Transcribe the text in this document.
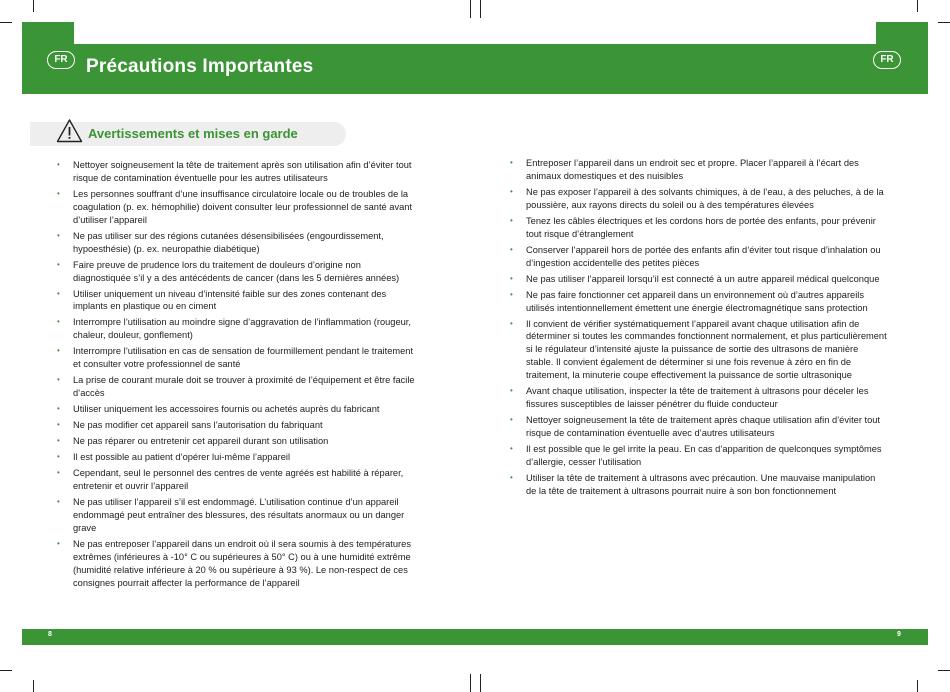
FR	FR
Précautions Importantes
Avertissements et mises en garde
• Nettoyer soigneusement la tête de traitement après son utilisation afin d’éviter tout risque de contamination éventuelle pour les autres utilisateurs
• Les personnes souffrant d’une insuffisance circulatoire locale ou de troubles de la coagulation (p. ex. hémophilie) doivent consulter leur professionnel de santé avant d’utiliser l’appareil
• Ne pas utiliser sur des régions cutanées désensibilisées (engourdissement, hypoesthésie) (p. ex. neuropathie diabétique)
• Faire preuve de prudence lors du traitement de douleurs d’origine non diagnostiquée s’il y a des antécédents de cancer (dans les 5 dernières années)
• Utiliser uniquement un niveau d’intensité faible sur des zones contenant des implants en plastique ou en ciment
• Interrompre l’utilisation au moindre signe d’aggravation de l’inflammation (rougeur, chaleur, douleur, gonflement)
• Interrompre l’utilisation en cas de sensation de fourmillement pendant le traitement et consulter votre professionnel de santé
• La prise de courant murale doit se trouver à proximité de l’équipement et être facile d’accès
• Utiliser uniquement les accessoires fournis ou achetés auprès du fabricant
• Ne pas modifier cet appareil sans l’autorisation du fabriquant
• Ne pas réparer ou entretenir cet appareil durant son utilisation
• Il est possible au patient d’opérer lui-même l’appareil
• Cependant, seul le personnel des centres de vente agréés est habilité à réparer, entretenir et ouvrir l’appareil
• Ne pas utiliser l’appareil s’il est endommagé. L’utilisation continue d’un appareil endommagé peut entraîner des blessures, des résultats anormaux ou un danger grave
• Ne pas entreposer l’appareil dans un endroit où il sera soumis à des températures extrêmes (inférieures à -10° C ou supérieures à 50° C) ou à une humidité extrême (humidité relative inférieure à 20 % ou supérieure à 93 %). Le non-respect de ces consignes pourrait affecter la performance de l’appareil
• Entreposer l’appareil dans un endroit sec et propre. Placer l’appareil à l’écart des animaux domestiques et des nuisibles
• Ne pas exposer l’appareil à des solvants chimiques, à de l’eau, à des peluches, à de la poussière, aux rayons directs du soleil ou à des températures élevées
• Tenez les câbles électriques et les cordons hors de portée des enfants, pour prévenir tout risque d’étranglement
• Conserver l’appareil hors de portée des enfants afin d’éviter tout risque d’inhalation ou d’ingestion accidentelle des petites pièces
• Ne pas utiliser l’appareil lorsqu’il est connecté à un autre appareil médical quelconque
• Ne pas faire fonctionner cet appareil dans un environnement où d’autres appareils utilisés intentionnellement émettent une énergie électromagnétique sans protection
• Il convient de vérifier systématiquement l’appareil avant chaque utilisation afin de déterminer si toutes les commandes fonctionnent normalement, et plus particulièrement si le régulateur d’intensité ajuste la puissance de sortie des ultrasons de manière stable. Il convient également de déterminer si une fois revenue à zéro en fin de traitement, la minuterie coupe effectivement la puissance de sortie ultrasonique
• Avant chaque utilisation, inspecter la tête de traitement à ultrasons pour déceler les fissures susceptibles de laisser pénétrer du fluide conducteur
• Nettoyer soigneusement la tête de traitement après chaque utilisation afin d’éviter tout risque de contamination éventuelle avec d’autres utilisateurs
• Il est possible que le gel irrite la peau. En cas d’apparition de quelconques symptômes d’allergie, cesser l’utilisation
• Utiliser la tête de traitement à ultrasons avec précaution. Une mauvaise manipulation de la tête de traitement à ultrasons pourrait nuire à son bon fonctionnement
8	9
